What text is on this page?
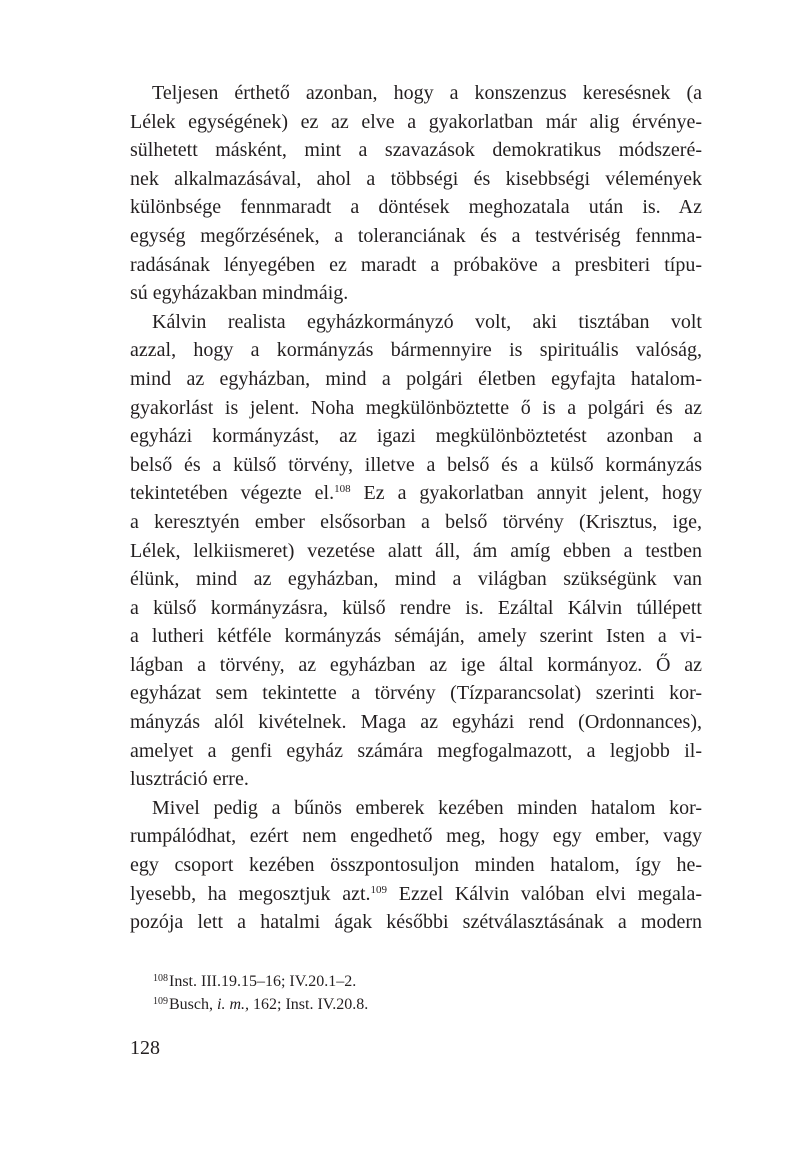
Teljesen érthető azonban, hogy a konszenzus keresésnek (a
Lélek egységének) ez az elve a gyakorlatban már alig érvénye-
sülhetett másként, mint a szavazások demokratikus módszeré-
nek alkalmazásával, ahol a többségi és kisebbségi vélemények
különbsége fennmaradt a döntések meghozatala után is. Az
egység megőrzésének, a toleranciának és a testvériség fennma-
radásának lényegében ez maradt a próbaköve a presbiteri típu-
sú egyházakban mindmáig.
Kálvin realista egyházkormányzó volt, aki tisztában volt
azzal, hogy a kormányzás bármennyire is spirituális valóság,
mind az egyházban, mind a polgári életben egyfajta hatalom-
gyakorlást is jelent. Noha megkülönböztette ő is a polgári és az
egyházi kormányzást, az igazi megkülönböztetést azonban a
belső és a külső törvény, illetve a belső és a külső kormányzás
tekintetében végezte el.$^{108}$ Ez a gyakorlatban annyit jelent, hogy
a keresztyén ember elsősorban a belső törvény (Krisztus, ige,
Lélek, lelkiismeret) vezetése alatt áll, ám amíg ebben a testben
élünk, mind az egyházban, mind a világban szükségünk van
a külső kormányzásra, külső rendre is. Ezáltal Kálvin túllépett
a lutheri kétféle kormányzás sémáján, amely szerint Isten a vi-
lágban a törvény, az egyházban az ige által kormányoz. Ő az
egyházat sem tekintette a törvény (Tízparancsolat) szerinti kor-
mányzás alól kivételnek. Maga az egyházi rend (Ordonnances),
amelyet a genfi egyház számára megfogalmazott, a legjobb il-
lusztráció erre.
Mivel pedig a bűnös emberek kezében minden hatalom kor-
rumpálódhat, ezért nem engedhető meg, hogy egy ember, vagy
egy csoport kezében összpontosuljon minden hatalom, így he-
lyesebb, ha megosztjuk azt.$^{109}$ Ezzel Kálvin valóban elvi megala-
pozója lett a hatalmi ágak későbbi szétválasztásának a modern
$^{108}$Inst. III.19.15–16; IV.20.1–2.
$^{109}$Busch, i. m., 162; Inst. IV.20.8.
128
